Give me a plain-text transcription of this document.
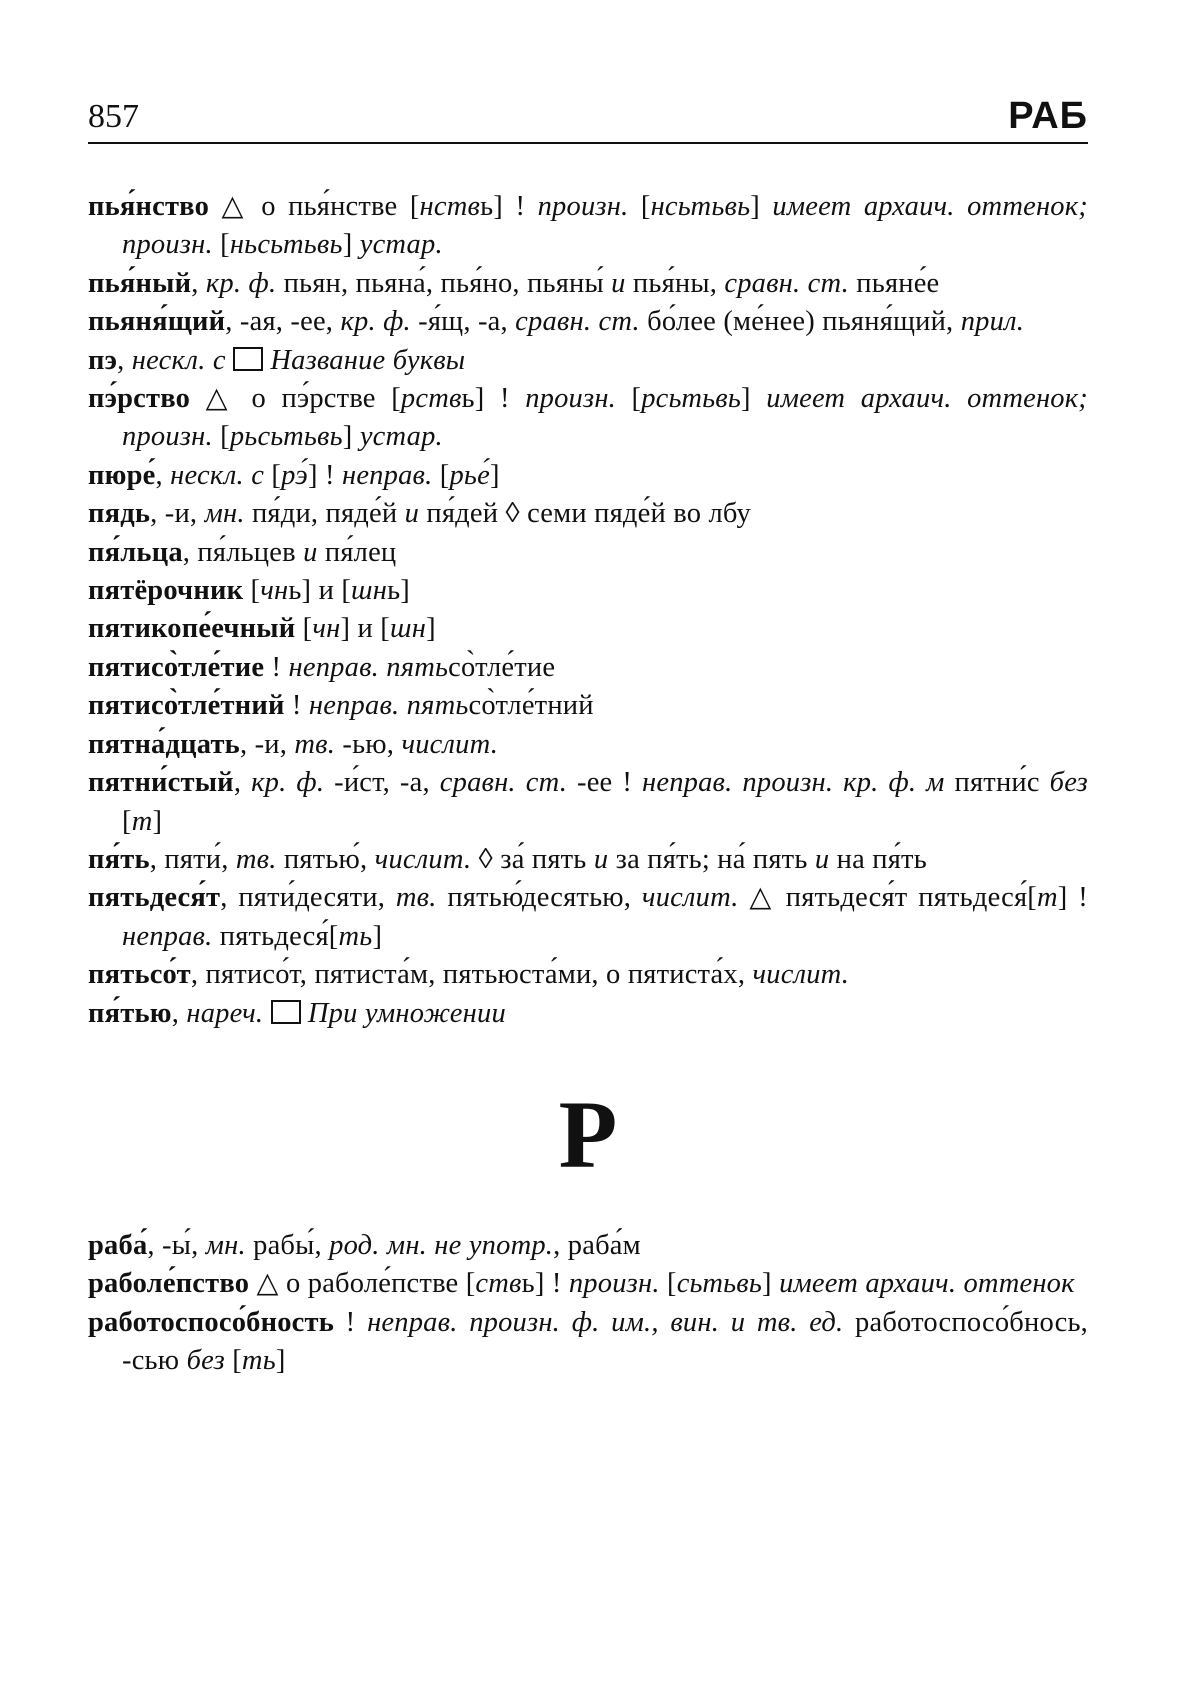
857	РАБ
пья́нство △ о пья́нстве [нствь] ! произн. [нсьтьвь] имеет архаич. оттенок; произн. [ньсьтьвь] устар.
пья́ный, кр. ф. пьян, пьяна́, пья́но, пьяны́ и пья́ны, сравн. ст. пьяне́е
пьяня́щий, -ая, -ее, кр. ф. -я́щ, -а, сравн. ст. бо́лее (ме́нее) пьяня́щий, прил.
пэ, нескл. с Название буквы
пэ́рство △ о пэ́рстве [рствь] ! произн. [рсьтьвь] имеет архаич. оттенок; произн. [рьсьтьвь] устар.
пюре́, нескл. с [рэ́] ! неправ. [рье́]
пядь, -и, мн. пя́ди, пяде́й и пя́дей ◊ семи пяде́й во лбу
пя́льца, пя́льцев и пя́лец
пятёрочник [чнь] и [шнь]
пятикопе́ечный [чн] и [шн]
пятисо̀тле́тие ! неправ. пятьсо̀тле́тие
пятисо̀тле́тний ! неправ. пятьсо̀тле́тний
пятна́дцать, -и, тв. -ью, числит.
пятни́стый, кр. ф. -и́ст, -а, сравн. ст. -ее ! неправ. произн. кр. ф. м пятни́с без [т]
пя́ть, пяти́, тв. пятью́, числит. ◊ за́ пять и за пя́ть; на́ пять и на пя́ть
пятьдеся́т, пяти́десяти, тв. пятью́десятью, числит. △ пятьдеся́т пятьдеся́[т] ! неправ. пятьдеся́[ть]
пятьсо́т, пятисо́т, пятиста́м, пятьюста́ми, о пятиста́х, числит.
пя́тью, нареч. При умножении
Р
раба́, -ы́, мн. рабы́, род. мн. не употр., раба́м
раболе́пство △ о раболе́пстве [ствь] ! произн. [сьтьвь] имеет архаич. оттенок
работоспосо́бность ! неправ. произн. ф. им., вин. и тв. ед. работоспосо́бнось, -сью без [ть]
